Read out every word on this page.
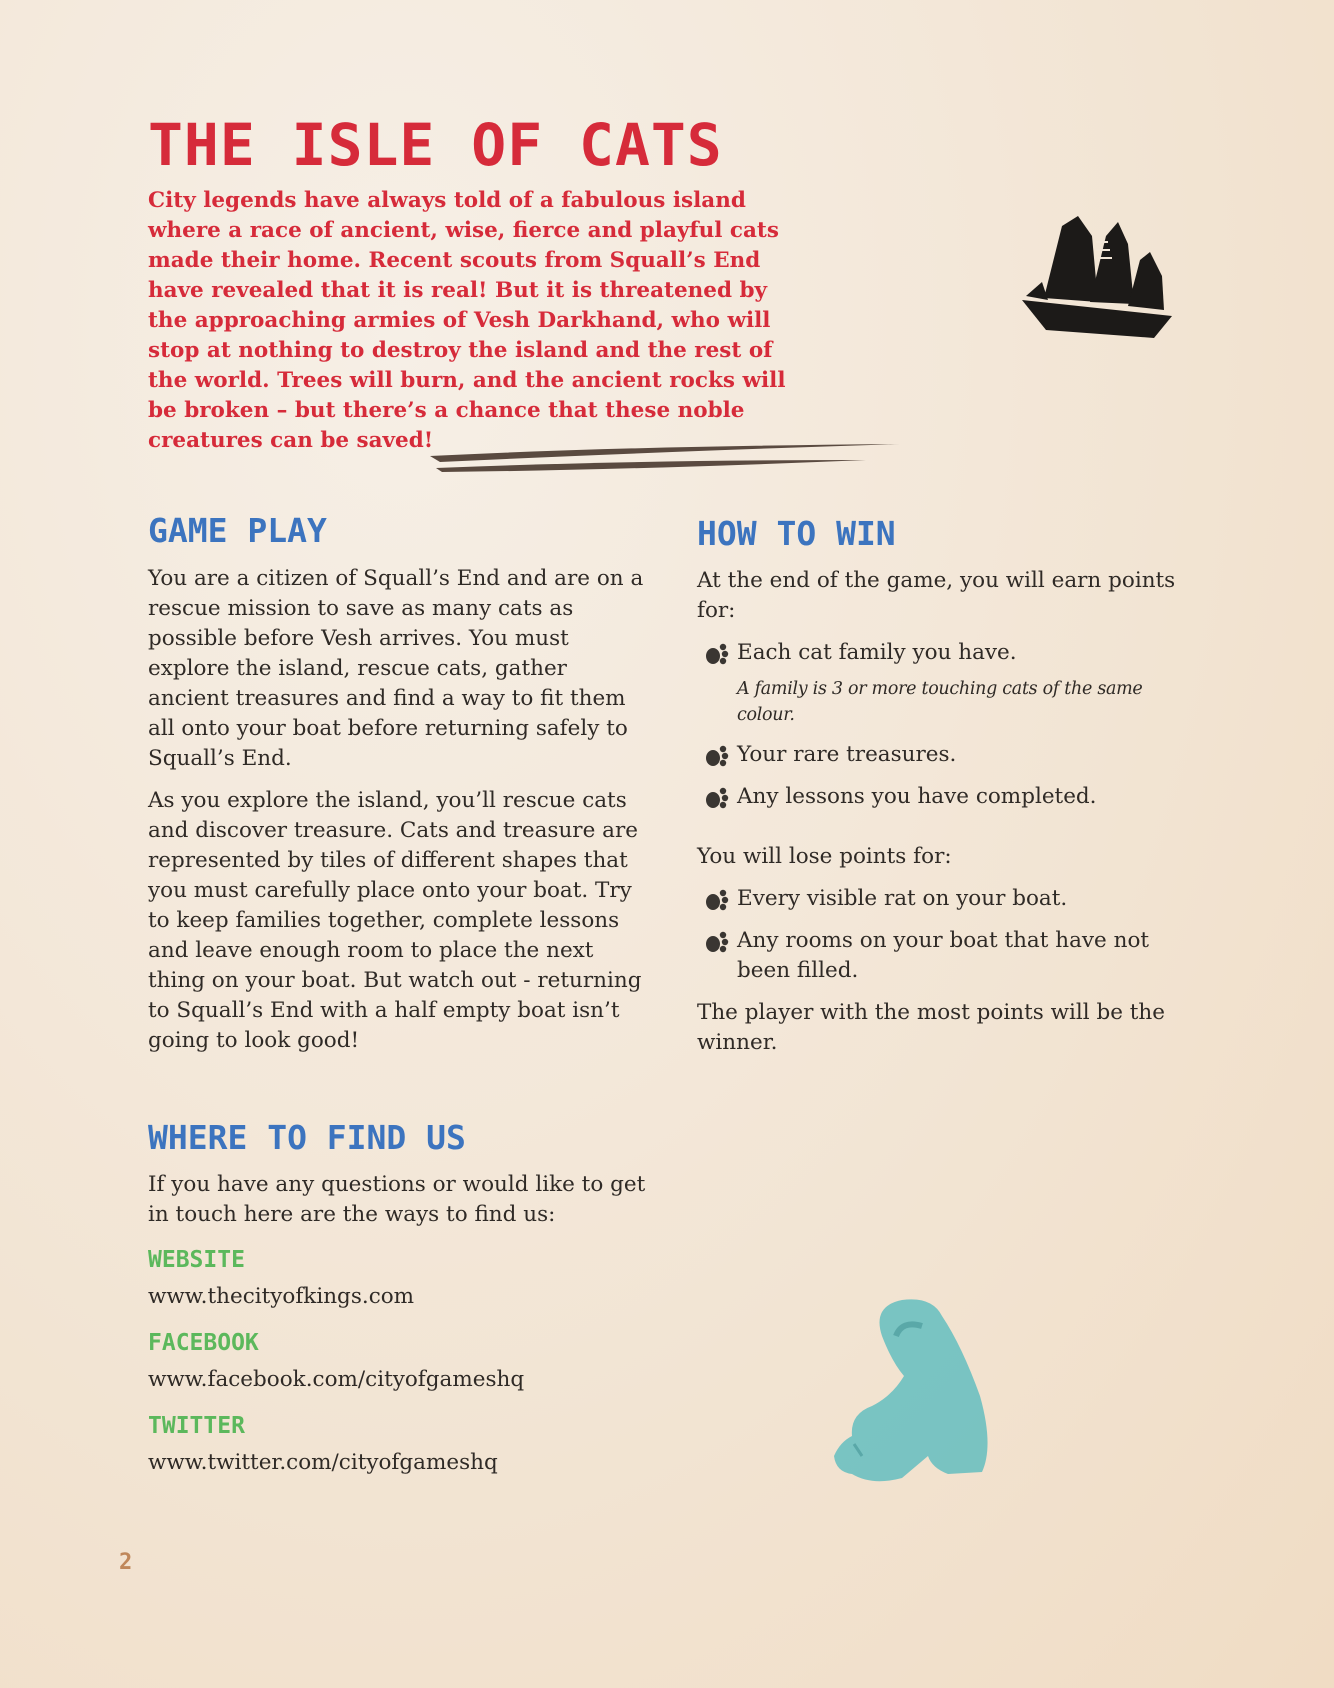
THE ISLE OF CATS

City legends have always told of a fabulous island where a race of ancient, wise, fierce and playful cats made their home. Recent scouts from Squall’s End have revealed that it is real! But it is threatened by the approaching armies of Vesh Darkhand, who will stop at nothing to destroy the island and the rest of the world. Trees will burn, and the ancient rocks will be broken – but there’s a chance that these noble creatures can be saved!

GAME PLAY

You are a citizen of Squall’s End and are on a rescue mission to save as many cats as possible before Vesh arrives. You must explore the island, rescue cats, gather ancient treasures and find a way to fit them all onto your boat before returning safely to Squall’s End.

As you explore the island, you’ll rescue cats and discover treasure. Cats and treasure are represented by tiles of different shapes that you must carefully place onto your boat. Try to keep families together, complete lessons and leave enough room to place the next thing on your boat. But watch out - returning to Squall’s End with a half empty boat isn’t going to look good!

HOW TO WIN

At the end of the game, you will earn points for:

Each cat family you have.
A family is 3 or more touching cats of the same colour.
Your rare treasures.
Any lessons you have completed.

You will lose points for:

Every visible rat on your boat.
Any rooms on your boat that have not been filled.

The player with the most points will be the winner.

WHERE TO FIND US

If you have any questions or would like to get in touch here are the ways to find us:

WEBSITE
www.thecityofkings.com
FACEBOOK
www.facebook.com/cityofgameshq
TWITTER
www.twitter.com/cityofgameshq
2
